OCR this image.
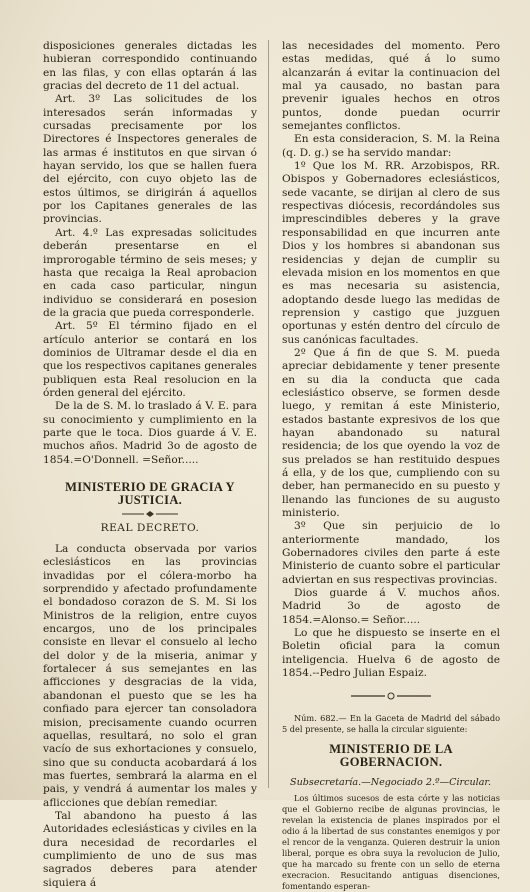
disposiciones generales dictadas les hubieran correspondido continuando en las filas, y con ellas optarán á las gracias del decreto de 11 del actual.

Art. 3º Las solicitudes de los interesados serán informadas y cursadas precisamente por los Directores é Inspectores generales de las armas é institutos en que sirvan ó hayan servido, los que se hallen fuera del ejército, con cuyo objeto las de estos últimos, se dirigirán á aquellos por los Capitanes generales de las provincias.

Art. 4.º Las expresadas solicitudes deberán presentarse en el improrogable término de seis meses; y hasta que recaiga la Real aprobacion en cada caso particular, ningun individuo se considerará en posesion de la gracia que pueda corresponderle.

Art. 5º El término fijado en el artículo anterior se contará en los dominios de Ultramar desde el dia en que los respectivos capitanes generales publiquen esta Real resolucion en la órden general del ejército.

De la de S. M. lo traslado á V. E. para su conocimiento y cumplimiento en la parte que le toca. Dios guarde á V. E. muchos años. Madrid 3o de agosto de 1854.=O'Donnell. =Señor.....

MINISTERIO DE GRACIA Y JUSTICIA.
REAL DECRETO.

La conducta observada por varios eclesiásticos en las provincias invadidas por el cólera-morbo ha sorprendido y afectado profundamente el bondadoso corazon de S. M. Si los Ministros de la religion, entre cuyos encargos, uno de los principales consiste en llevar el consuelo al lecho del dolor y de la miseria, animar y fortalecer á sus semejantes en las afficciones y desgracias de la vida, abandonan el puesto que se les ha confiado para ejercer tan consoladora mision, precisamente cuando ocurren aquellas, resultará, no solo el gran vacío de sus exhortaciones y consuelo, sino que su conducta acobardará á los mas fuertes, sembrará la alarma en el pais, y vendrá á aumentar los males y aflicciones que debían remediar.

Tal abandono ha puesto á las Autoridades eclesiásticas y civiles en la dura necesidad de recordarles el cumplimiento de uno de sus mas sagrados deberes para atender siquiera á

las necesidades del momento. Pero estas medidas, qué á lo sumo alcanzarán á evitar la continuacion del mal ya causado, no bastan para prevenir iguales hechos en otros puntos, donde puedan ocurrir semejantes conflictos.

En esta consideracion, S. M. la Reina (q. D. g.) se ha servido mandar:

1º Que los M. RR. Arzobispos, RR. Obispos y Gobernadores eclesiásticos, sede vacante, se dirijan al clero de sus respectivas diócesis, recordándoles sus imprescindibles deberes y la grave responsabilidad en que incurren ante Dios y los hombres si abandonan sus residencias y dejan de cumplir su elevada mision en los momentos en que es mas necesaria su asistencia, adoptando desde luego las medidas de reprension y castigo que juzguen oportunas y estén dentro del círculo de sus canónicas facultades.

2º Que á fin de que S. M. pueda apreciar debidamente y tener presente en su dia la conducta que cada eclesiástico observe, se formen desde luego, y remitan á este Ministerio, estados bastante expresivos de los que hayan abandonado su natural residencia; de los que oyendo la voz de sus prelados se han restituido despues á ella, y de los que, cumpliendo con su deber, han permanecido en su puesto y llenando las funciones de su augusto ministerio.

3º Que sin perjuicio de lo anteriormente mandado, los Gobernadores civiles den parte á este Ministerio de cuanto sobre el particular adviertan en sus respectivas provincias.

Dios guarde á V. muchos años. Madrid 3o de agosto de 1854.=Alonso.= Señor.....

Lo que he dispuesto se inserte en el Boletin oficial para la comun inteligencia. Huelva 6 de agosto de 1854.--Pedro Julian Espaiz.

Núm. 682.— En la Gaceta de Madrid del sábado 5 del presente, se halla la circular siguiente:

MINISTERIO DE LA GOBERNACION.
Subsecretaría.—Negociado 2.º—Circular.

Los últimos sucesos de esta córte y las noticias que el Gobierno recibe de algunas provincias, le revelan la existencia de planes inspirados por el odio á la libertad de sus constantes enemigos y por el rencor de la venganza. Quieren destruir la union liberal, porque es obra suya la revolucion de Julio, que ha marcado su frente con un sello de eterna execracion. Resucitando antiguas disenciones, fomentando esperan-
